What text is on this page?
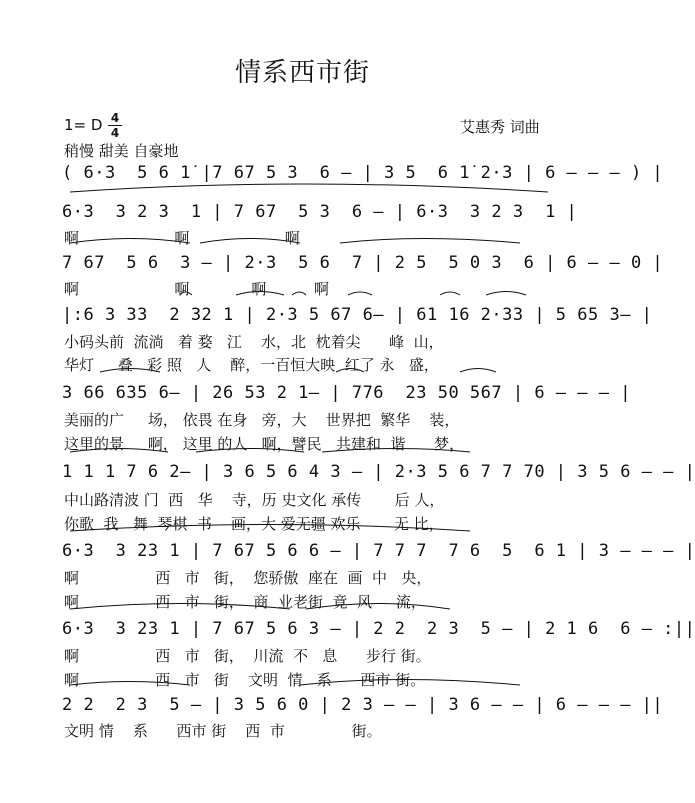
情系西市街
1= D 4
4	艾惠秀 词曲
稍慢 甜美 自豪地
( 6·3  5 6 1̇ |7 67 5 3  6 – | 3 5  6 1̇ 2·3 | 6 – – – ) |
6·3  3 2 3  1 | 7 67  5 3  6 – | 6·3  3 2 3  1 |
啊                    啊                    啊
7 67  5 6  3 – | 2·3  5 6  7 | 2 5  5 0 3  6 | 6 – – 0 |
啊                    啊             啊          啊
|:6 3 33  2 32 1 | 2·3 5 67 6– | 61 16 2·33 | 5 65 3– |
小码头前  流淌   着 婺   江    水，北  枕着尖      峰  山，
华灯     叠   彩 照   人    醉，一百恒大映  红了 永   盛，
3 66 635 6– | 26 53 2 1– | 776  23 50 567 | 6 – – – |
美丽的广     场， 依畏 在身   旁，大    世界把  繁华    装，
这里的景     啊， 这里 的人   啊，譬民   共建和  谐      梦，
1 1 1 7 6 2– | 3 6 5 6 4 3 – | 2·3 5 6 7 7 70 | 3 5 6 – – |
中山路清波 门  西   华    寺，历 史文化 承传       后 人，
你歌  我   舞  琴棋  书    画，大 爱无疆 欢乐       无 比，
6·3  3 23 1 | 7 67 5 6 6 – | 7 7 7  7 6  5  6 1 | 3 – – – |
啊                西   市   街，  您骄傲  座在  画  中   央，
啊                西   市   街，  商  业老街  竟  风     流，
6·3  3 23 1 | 7 67 5 6 3 – | 2 2  2 3  5 – | 2 1 6  6 – :||
啊                西   市   街，  川流  不   息      步行 街。
啊                西   市   街    文明  情   系      西市 街。
2 2  2 3  5 – | 3 5 6 0 | 2 3 – – | 3 6 – – | 6 – – – ||
文明 情    系      西市 街    西  市              街。
